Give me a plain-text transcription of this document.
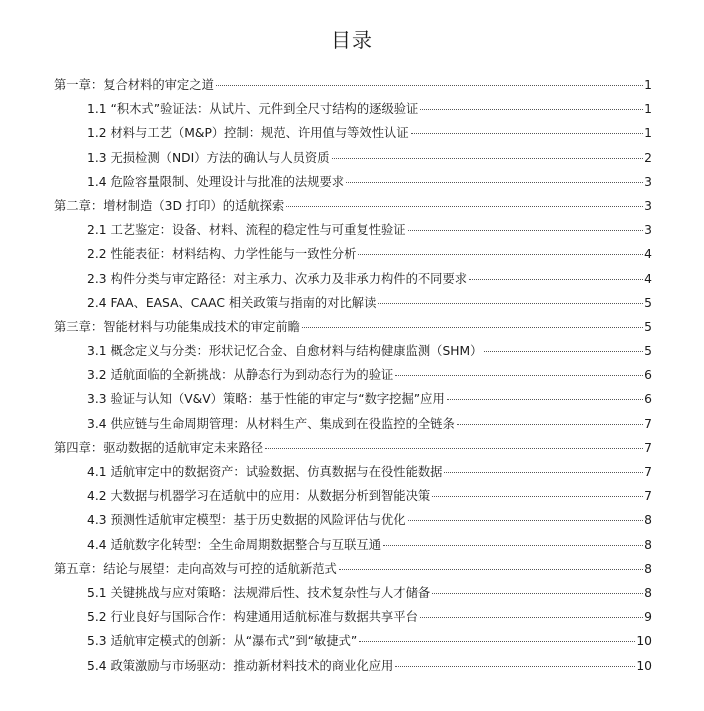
目录
第一章：复合材料的审定之道	1
1.1 “积木式”验证法：从试片、元件到全尺寸结构的逐级验证	1
1.2 材料与工艺（M&P）控制：规范、许用值与等效性认证	1
1.3 无损检测（NDI）方法的确认与人员资质	2
1.4 危险容量限制、处理设计与批准的法规要求	3
第二章：增材制造（3D 打印）的适航探索	3
2.1 工艺鉴定：设备、材料、流程的稳定性与可重复性验证	3
2.2 性能表征：材料结构、力学性能与一致性分析	4
2.3 构件分类与审定路径：对主承力、次承力及非承力构件的不同要求	4
2.4 FAA、EASA、CAAC 相关政策与指南的对比解读	5
第三章：智能材料与功能集成技术的审定前瞻	5
3.1 概念定义与分类：形状记忆合金、自愈材料与结构健康监测（SHM）	5
3.2 适航面临的全新挑战：从静态行为到动态行为的验证	6
3.3 验证与认知（V&V）策略：基于性能的审定与“数字挖掘”应用	6
3.4 供应链与生命周期管理：从材料生产、集成到在役监控的全链条	7
第四章：驱动数据的适航审定未来路径	7
4.1 适航审定中的数据资产：试验数据、仿真数据与在役性能数据	7
4.2 大数据与机器学习在适航中的应用：从数据分析到智能决策	7
4.3 预测性适航审定模型：基于历史数据的风险评估与优化	8
4.4 适航数字化转型：全生命周期数据整合与互联互通	8
第五章：结论与展望：走向高效与可控的适航新范式	8
5.1 关键挑战与应对策略：法规滞后性、技术复杂性与人才储备	8
5.2 行业良好与国际合作：构建通用适航标准与数据共享平台	9
5.3 适航审定模式的创新：从“瀑布式”到“敏捷式”	10
5.4 政策激励与市场驱动：推动新材料技术的商业化应用	10
